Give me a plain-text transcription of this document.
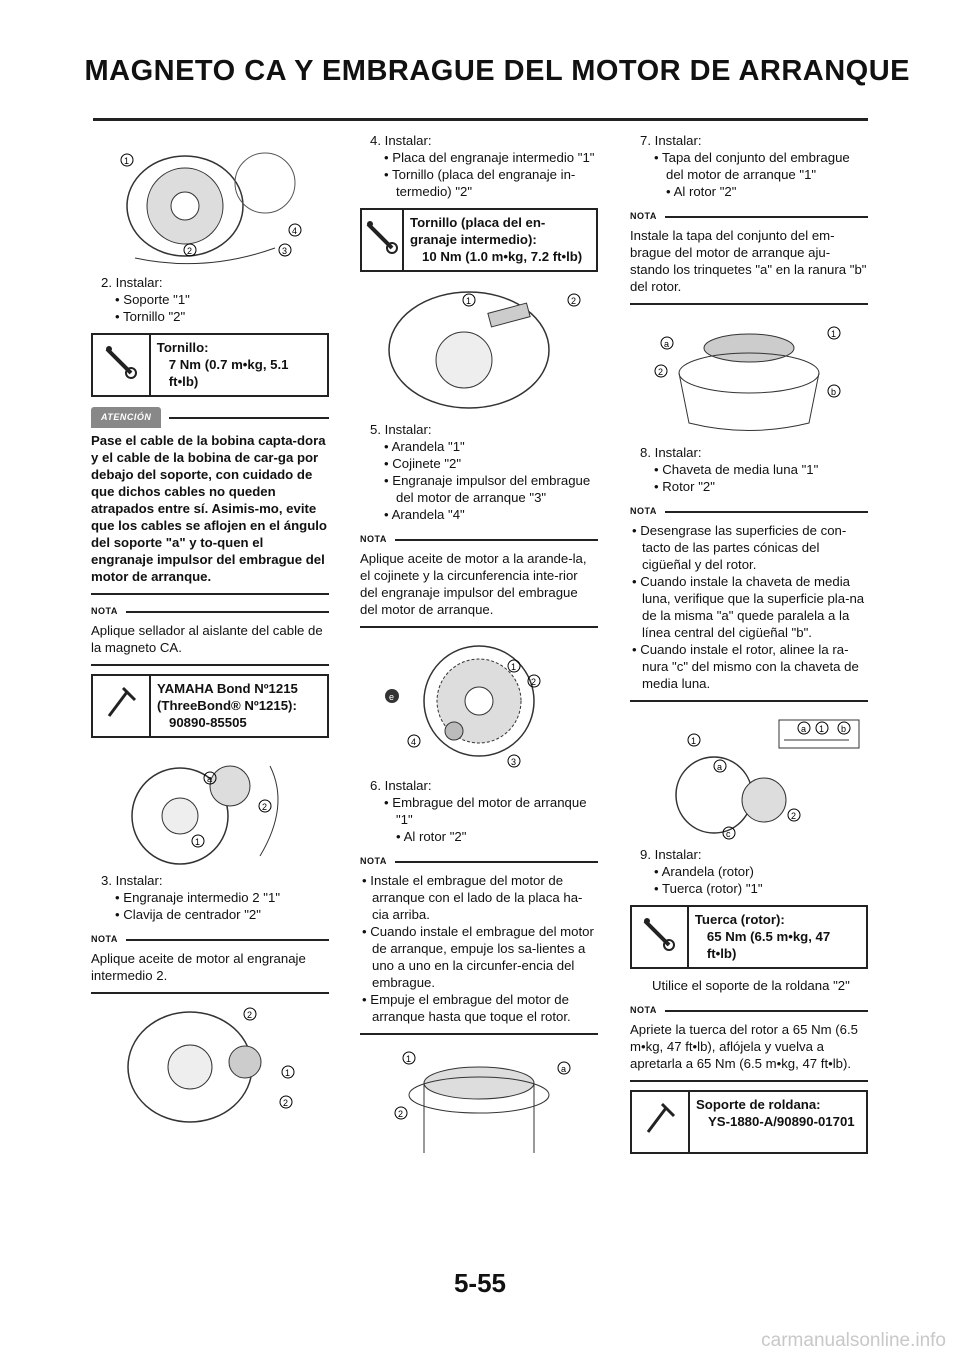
MAGNETO CA Y EMBRAGUE DEL MOTOR DE ARRANQUE
1
2	3
4

2. Instalar:

• Soporte "1"

• Tornillo "2"

Tornillo:
7 Nm (0.7 m•kg, 5.1 ft•lb)
ATENCIÓN
Pase el cable de la bobina capta-dora y el cable de la bobina de car-ga por debajo del soporte, con cuidado de que dichos cables no queden atrapados entre sí. Asimis-mo, evite que los cables se aflojen en el ángulo del soporte "a" y to-quen el engranaje impulsor del embrague del motor de arranque.
NOTA

Aplique sellador al aislante del cable de la magneto CA.

YAMAHA Bond Nº1215
(ThreeBond® Nº1215):
90890-85505
a
2
1

3. Instalar:

• Engranaje intermedio 2 "1"

• Clavija de centrador "2"

NOTA

Aplique aceite de motor al engranaje intermedio 2.

2
1
2

4. Instalar:

• Placa del engranaje intermedio "1"

• Tornillo (placa del engranaje in-termedio) "2"

Tornillo (placa del en-granaje intermedio):
10 Nm (1.0 m•kg, 7.2 ft•lb)
1	2

5. Instalar:

• Arandela "1"

• Cojinete "2"

• Engranaje impulsor del embrague del motor de arranque "3"

• Arandela "4"

NOTA

Aplique aceite de motor a la arande-la, el cojinete y la circunferencia inte-rior del engranaje impulsor del embrague del motor de arranque.

e
1
2
4
3

6. Instalar:

• Embrague del motor de arranque "1"

• Al rotor "2"

NOTA

• Instale el embrague del motor de arranque con el lado de la placa ha-cia arriba.

• Cuando instale el embrague del motor de arranque, empuje los sa-lientes a uno a uno en la circunfer-encia del embrague.

• Empuje el embrague del motor de arranque hasta que toque el rotor.

1
a
2

7. Instalar:

• Tapa del conjunto del embrague del motor de arranque "1"

• Al rotor "2"

NOTA

Instale la tapa del conjunto del em-brague del motor de arranque aju-stando los trinquetes "a" en la ranura "b" del rotor.

a
2
1
b

8. Instalar:

• Chaveta de media luna "1"

• Rotor "2"

NOTA

• Desengrase las superficies de con-tacto de las partes cónicas del cigüeñal y del rotor.

• Cuando instale la chaveta de media luna, verifique que la superficie pla-na de la misma "a" quede paralela a la línea central del cigüeñal "b".

• Cuando instale el rotor, alinee la ra-nura "c" del mismo con la chaveta de media luna.

a 1 b
1
a
2
c

9. Instalar:

• Arandela (rotor)

• Tuerca (rotor) "1"

Tuerca (rotor):
65 Nm (6.5 m•kg, 47 ft•lb)

Utilice el soporte de la roldana "2"

NOTA

Apriete la tuerca del rotor a 65 Nm (6.5 m•kg, 47 ft•lb), aflójela y vuelva a apretarla a 65 Nm (6.5 m•kg, 47 ft•lb).

Soporte de roldana:
YS-1880-A/90890-01701
5-55
carmanualsonline.info
